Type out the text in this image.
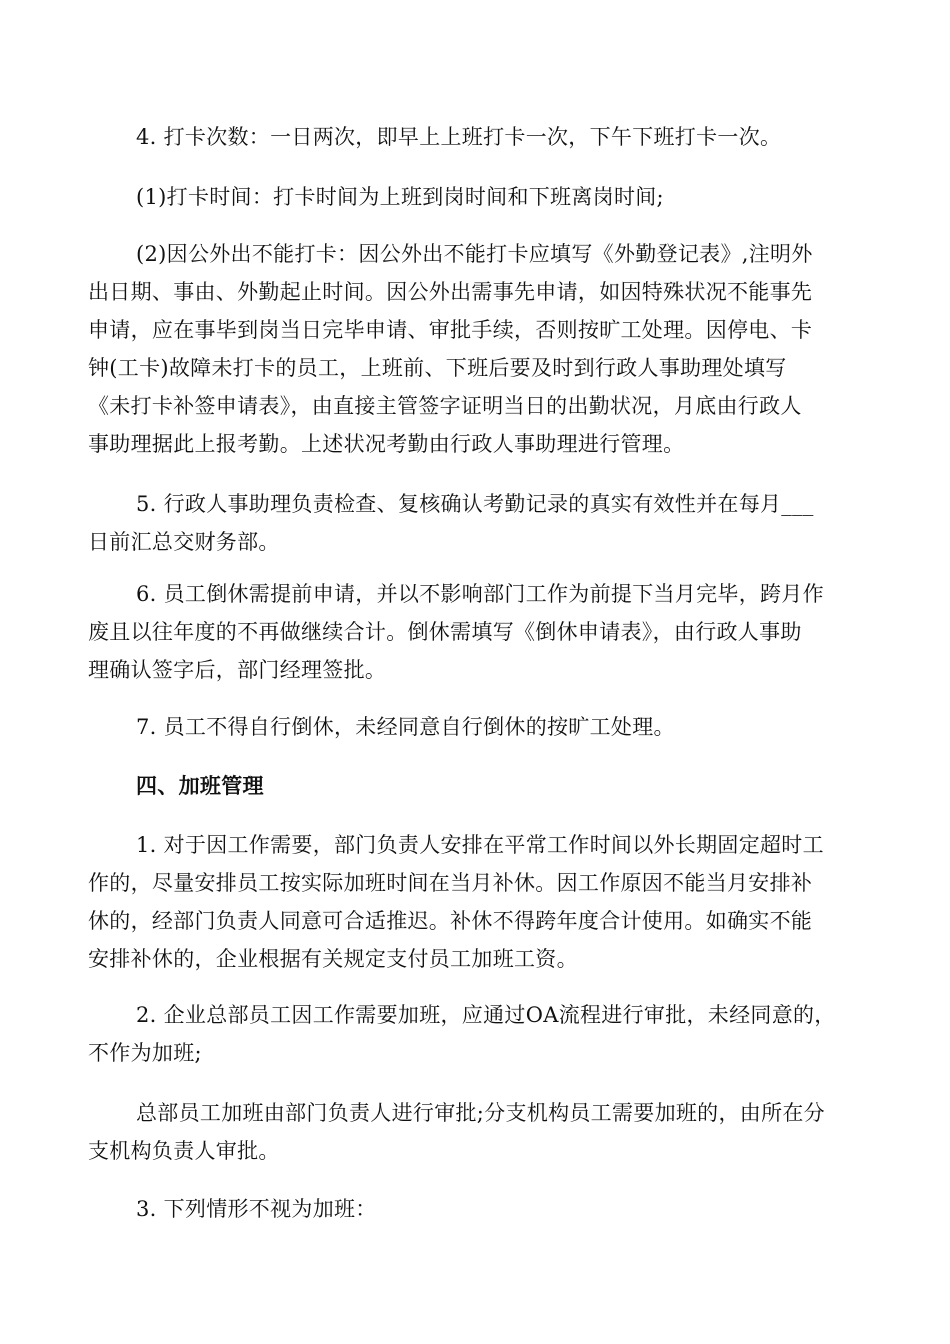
4. 打卡次数：一日两次，即早上上班打卡一次，下午下班打卡一次。
(1)打卡时间：打卡时间为上班到岗时间和下班离岗时间;
(2)因公外出不能打卡：因公外出不能打卡应填写《外勤登记表》,注明外
出日期、事由、外勤起止时间。因公外出需事先申请，如因特殊状况不能事先
申请，应在事毕到岗当日完毕申请、审批手续，否则按旷工处理。因停电、卡
钟(工卡)故障未打卡的员工，上班前、下班后要及时到行政人事助理处填写
《未打卡补签申请表》，由直接主管签字证明当日的出勤状况，月底由行政人
事助理据此上报考勤。上述状况考勤由行政人事助理进行管理。
5. 行政人事助理负责检查、复核确认考勤记录的真实有效性并在每月___
日前汇总交财务部。
6. 员工倒休需提前申请，并以不影响部门工作为前提下当月完毕，跨月作
废且以往年度的不再做继续合计。倒休需填写《倒休申请表》，由行政人事助
理确认签字后，部门经理签批。
7. 员工不得自行倒休，未经同意自行倒休的按旷工处理。
四、加班管理
1. 对于因工作需要，部门负责人安排在平常工作时间以外长期固定超时工
作的，尽量安排员工按实际加班时间在当月补休。因工作原因不能当月安排补
休的，经部门负责人同意可合适推迟。补休不得跨年度合计使用。如确实不能
安排补休的，企业根据有关规定支付员工加班工资。
2. 企业总部员工因工作需要加班，应通过OA流程进行审批，未经同意的，
不作为加班;
总部员工加班由部门负责人进行审批;分支机构员工需要加班的，由所在分
支机构负责人审批。
3. 下列情形不视为加班：
